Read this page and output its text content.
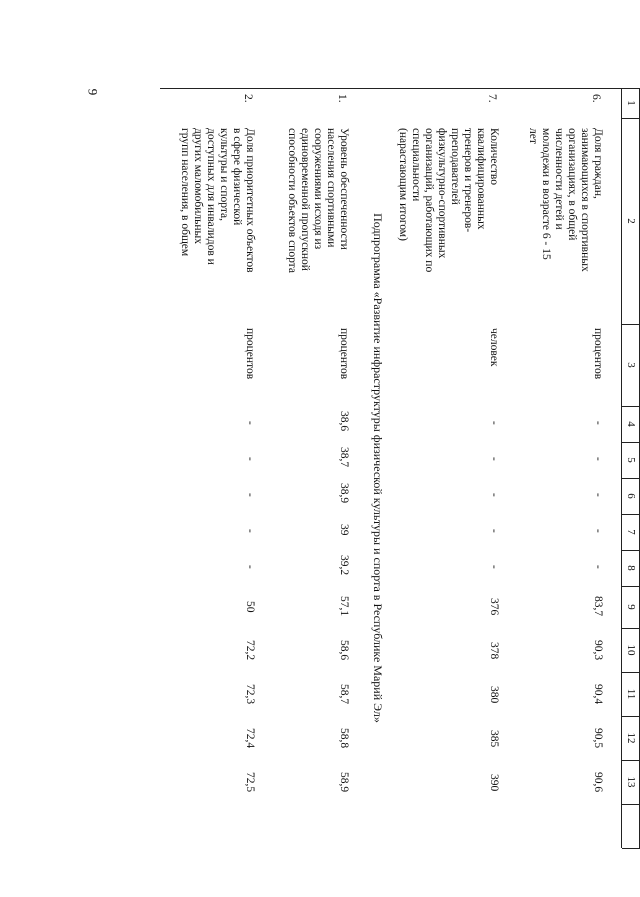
9
1
2
3
4
5
6
7
8
9
10
11
12
13
6.
Доля граждан,
занимающихся в спортивных
организациях, в общей
численности детей и
молодежи в возрасте 6 - 15
лет
процентов
-
-
-
-
-
83,7
90,3
90,4
90,5
90,6
7.
Количество
квалифицированных
тренеров и тренеров-
преподавателей
физкультурно-спортивных
организаций, работающих по
специальности
(нарастающим итогом)
человек
-
-
-
-
-
376
378
380
385
390
Подпрограмма «Развитие инфраструктуры физической культуры и спорта в Республике Марий Эл»
1.
Уровень обеспеченности
населения спортивными
сооружениями исходя из
единовременной пропускной
способности объектов спорта
процентов
38,6
38,7
38,9
39
39,2
57,1
58,6
58,7
58,8
58,9
2.
Доля приоритетных объектов
в сфере физической
культуры и спорта,
доступных для инвалидов и
других маломобильных
групп населения, в общем
процентов
-
-
-
-
-
50
72,2
72,3
72,4
72,5
